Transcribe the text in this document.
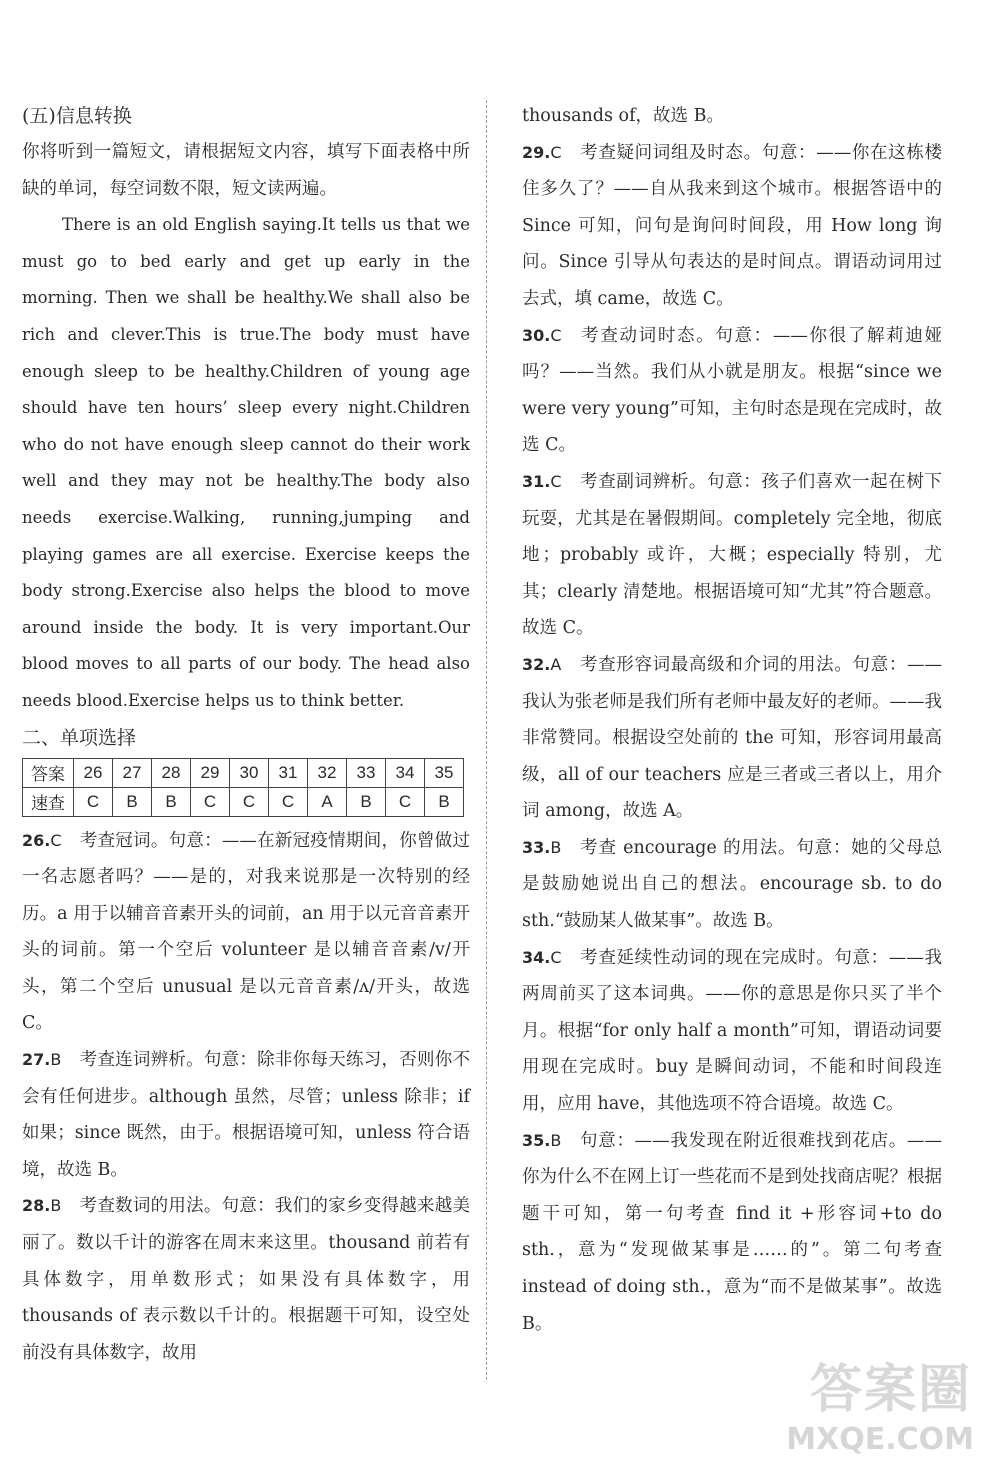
(五)信息转换

你将听到一篇短文，请根据短文内容，填写下面表格中所缺的单词，每空词数不限，短文读两遍。

There is an old English saying.It tells us that we must go to bed early and get up early in the morning. Then we shall be healthy.We shall also be rich and clever.This is true.The body must have enough sleep to be healthy.Children of young age should have ten hours’ sleep every night.Children who do not have enough sleep cannot do their work well and they may not be healthy.The body also needs exercise.Walking, running,jumping and playing games are all exercise. Exercise keeps the body strong.Exercise also helps the blood to move around inside the body. It is very important.Our blood moves to all parts of our body. The head also needs blood.Exercise helps us to think better.

二、单项选择

答案	26	27	28	29	30	31	32	33	34	35
速查	C	B	B	C	C	C	A	B	C	B

26.C 考查冠词。句意：——在新冠疫情期间，你曾做过一名志愿者吗？——是的，对我来说那是一次特别的经历。a 用于以辅音音素开头的词前，an 用于以元音音素开头的词前。第一个空后 volunteer 是以辅音音素/v/开头，第二个空后 unusual 是以元音音素/ʌ/开头，故选 C。

27.B 考查连词辨析。句意：除非你每天练习，否则你不会有任何进步。although 虽然，尽管；unless 除非；if 如果；since 既然，由于。根据语境可知，unless 符合语境，故选 B。

28.B 考查数词的用法。句意：我们的家乡变得越来越美丽了。数以千计的游客在周末来这里。thousand 前若有具体数字，用单数形式；如果没有具体数字，用 thousands of 表示数以千计的。根据题干可知，设空处前没有具体数字，故用

thousands of，故选 B。

29.C 考查疑问词组及时态。句意：——你在这栋楼住多久了？——自从我来到这个城市。根据答语中的 Since 可知，问句是询问时间段，用 How long 询问。Since 引导从句表达的是时间点。谓语动词用过去式，填 came，故选 C。

30.C 考查动词时态。句意：——你很了解莉迪娅吗？——当然。我们从小就是朋友。根据“since we were very young”可知，主句时态是现在完成时，故选 C。

31.C 考查副词辨析。句意：孩子们喜欢一起在树下玩耍，尤其是在暑假期间。completely 完全地，彻底地；probably 或许，大概；especially 特别，尤其；clearly 清楚地。根据语境可知“尤其”符合题意。故选 C。

32.A 考查形容词最高级和介词的用法。句意：——我认为张老师是我们所有老师中最友好的老师。——我非常赞同。根据设空处前的 the 可知，形容词用最高级，all of our teachers 应是三者或三者以上，用介词 among，故选 A。

33.B 考查 encourage 的用法。句意：她的父母总是鼓励她说出自己的想法。encourage sb. to do sth.“鼓励某人做某事”。故选 B。

34.C 考查延续性动词的现在完成时。句意：——我两周前买了这本词典。——你的意思是你只买了半个月。根据“for only half a month”可知，谓语动词要用现在完成时。buy 是瞬间动词，不能和时间段连用，应用 have，其他选项不符合语境。故选 C。

35.B 句意：——我发现在附近很难找到花店。——你为什么不在网上订一些花而不是到处找商店呢？根据题干可知，第一句考查 find it +形容词+to do sth.，意为“发现做某事是……的”。第二句考查 instead of doing sth.，意为“而不是做某事”。故选 B。

答案圈
MXQE.COM
